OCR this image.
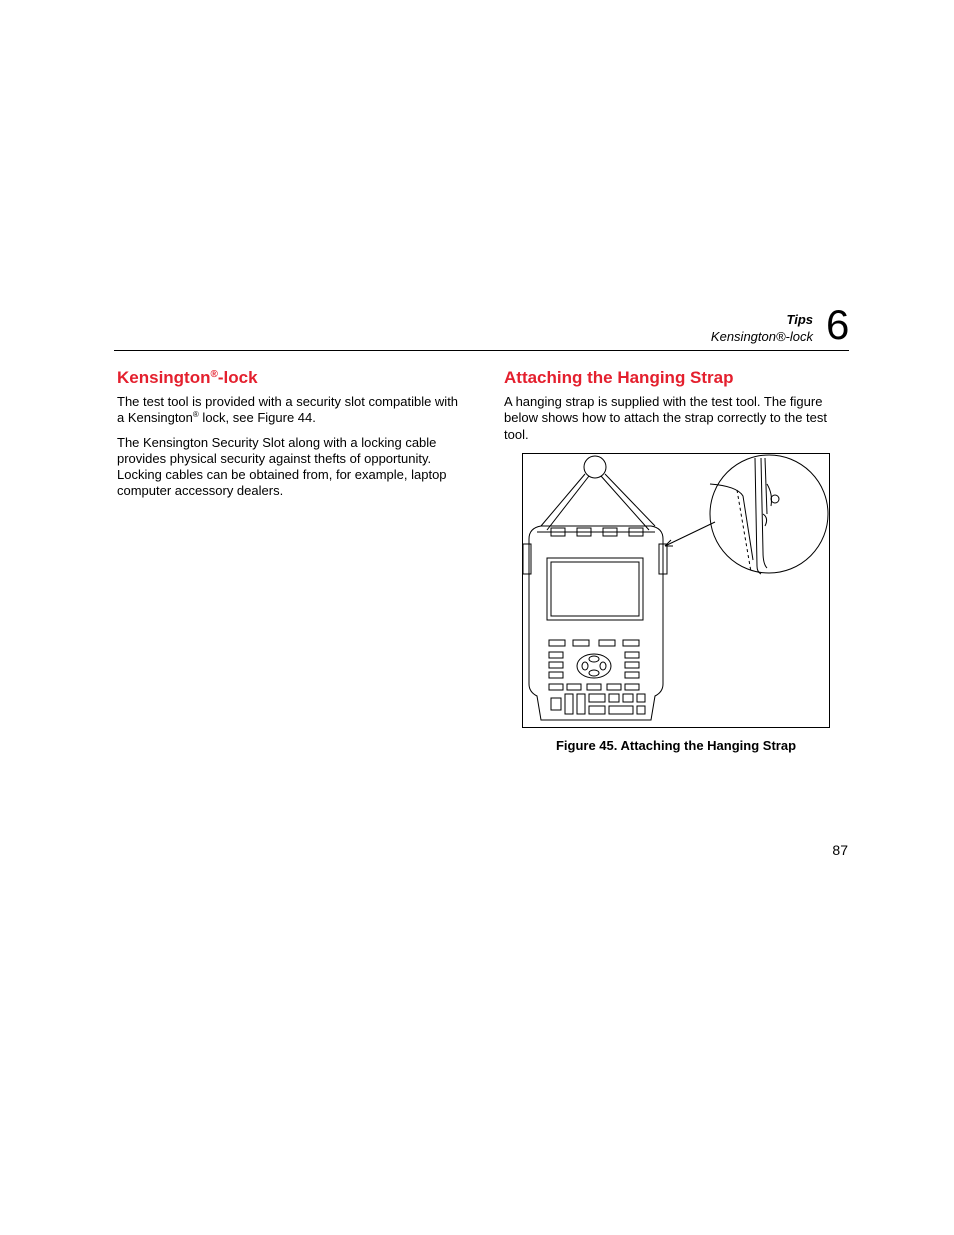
Tips
Kensington®-lock 6
Kensington®-lock

The test tool is provided with a security slot compatible with a Kensington® lock, see Figure 44.

The Kensington Security Slot along with a locking cable provides physical security against thefts of opportunity. Locking cables can be obtained from, for example, laptop computer accessory dealers.

Attaching the Hanging Strap

A hanging strap is supplied with the test tool. The figure below shows how to attach the strap correctly to the test tool.

Figure 45. Attaching the Hanging Strap
87
